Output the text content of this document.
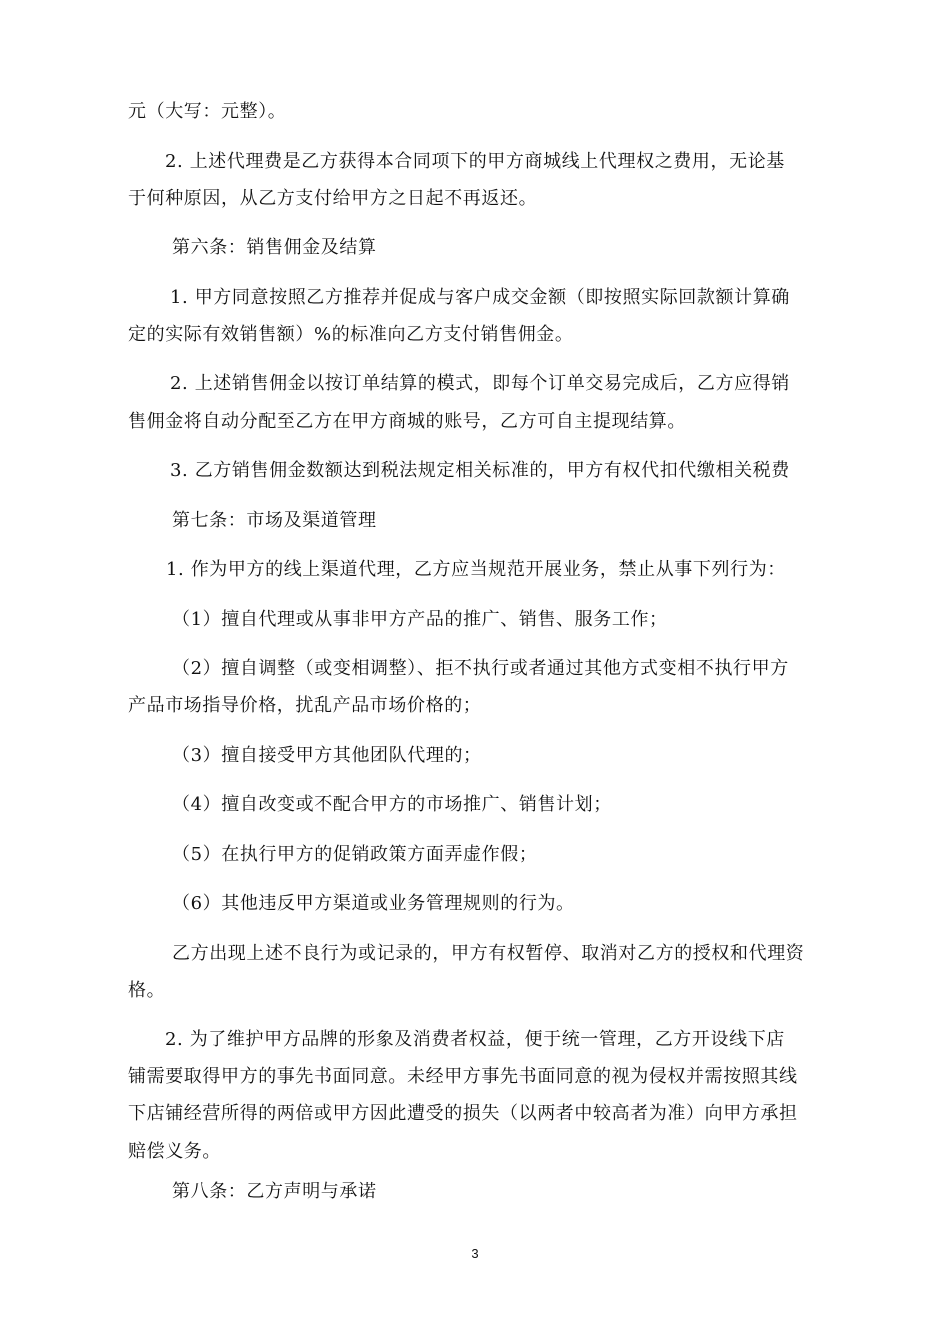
元（大写：元整）。
2. 上述代理费是乙方获得本合同项下的甲方商城线上代理权之费用，无论基
于何种原因，从乙方支付给甲方之日起不再返还。
第六条：销售佣金及结算
1. 甲方同意按照乙方推荐并促成与客户成交金额（即按照实际回款额计算确
定的实际有效销售额）%的标准向乙方支付销售佣金。
2. 上述销售佣金以按订单结算的模式，即每个订单交易完成后，乙方应得销
售佣金将自动分配至乙方在甲方商城的账号，乙方可自主提现结算。
3. 乙方销售佣金数额达到税法规定相关标准的，甲方有权代扣代缴相关税费
第七条：市场及渠道管理
1. 作为甲方的线上渠道代理，乙方应当规范开展业务，禁止从事下列行为：
（1）擅自代理或从事非甲方产品的推广、销售、服务工作；
（2）擅自调整（或变相调整）、拒不执行或者通过其他方式变相不执行甲方
产品市场指导价格，扰乱产品市场价格的；
（3）擅自接受甲方其他团队代理的；
（4）擅自改变或不配合甲方的市场推广、销售计划；
（5）在执行甲方的促销政策方面弄虚作假；
（6）其他违反甲方渠道或业务管理规则的行为。
乙方出现上述不良行为或记录的，甲方有权暂停、取消对乙方的授权和代理资
格。
2. 为了维护甲方品牌的形象及消费者权益，便于统一管理，乙方开设线下店
铺需要取得甲方的事先书面同意。未经甲方事先书面同意的视为侵权并需按照其线
下店铺经营所得的两倍或甲方因此遭受的损失（以两者中较高者为准）向甲方承担
赔偿义务。
第八条：乙方声明与承诺
3
